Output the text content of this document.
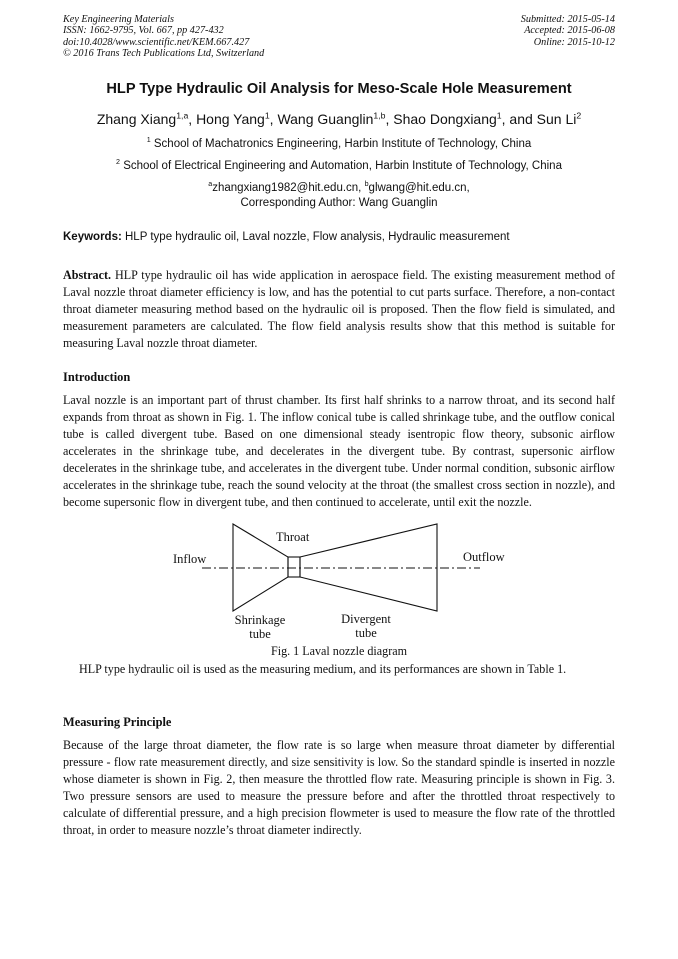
Key Engineering Materials
ISSN: 1662-9795, Vol. 667, pp 427-432
doi:10.4028/www.scientific.net/KEM.667.427
© 2016 Trans Tech Publications Ltd, Switzerland
Submitted: 2015-05-14
Accepted: 2015-06-08
Online: 2015-10-12
HLP Type Hydraulic Oil Analysis for Meso-Scale Hole Measurement
Zhang Xiang$^{1,a}$, Hong Yang$^1$, Wang Guanglin$^{1,b}$, Shao Dongxiang$^1$, and Sun Li$^2$
$^1$ School of Machatronics Engineering, Harbin Institute of Technology, China
$^2$ School of Electrical Engineering and Automation, Harbin Institute of Technology, China
$^a$zhangxiang1982@hit.edu.cn, $^b$glwang@hit.edu.cn,
Corresponding Author: Wang Guanglin
Keywords: HLP type hydraulic oil, Laval nozzle, Flow analysis, Hydraulic measurement
Abstract. HLP type hydraulic oil has wide application in aerospace field. The existing measurement method of Laval nozzle throat diameter efficiency is low, and has the potential to cut parts surface. Therefore, a non-contact throat diameter measuring method based on the hydraulic oil is proposed. Then the flow field is simulated, and measurement parameters are calculated. The flow field analysis results show that this method is suitable for measuring Laval nozzle throat diameter.
Introduction
Laval nozzle is an important part of thrust chamber. Its first half shrinks to a narrow throat, and its second half expands from throat as shown in Fig. 1. The inflow conical tube is called shrinkage tube, and the outflow conical tube is called divergent tube. Based on one dimensional steady isentropic flow theory, subsonic airflow accelerates in the shrinkage tube, and decelerates in the divergent tube. By contrast, supersonic airflow decelerates in the shrinkage tube, and accelerates in the divergent tube. Under normal condition, subsonic airflow accelerates in the shrinkage tube, reach the sound velocity at the throat (the smallest cross section in nozzle), and become supersonic flow in divergent tube, and then continued to accelerate, until exit the nozzle.
Inflow	Outflow
Throat
Shrinkage
tube
Divergent
tube
Fig. 1 Laval nozzle diagram
HLP type hydraulic oil is used as the measuring medium, and its performances are shown in Table 1.
Measuring Principle
Because of the large throat diameter, the flow rate is so large when measure throat diameter by differential pressure - flow rate measurement directly, and size sensitivity is low. So the standard spindle is inserted in nozzle whose diameter is shown in Fig. 2, then measure the throttled flow rate. Measuring principle is shown in Fig. 3. Two pressure sensors are used to measure the pressure before and after the throttled throat respectively to calculate of differential pressure, and a high precision flowmeter is used to measure the flow rate of the throttled throat, in order to measure nozzle’s throat diameter indirectly.
